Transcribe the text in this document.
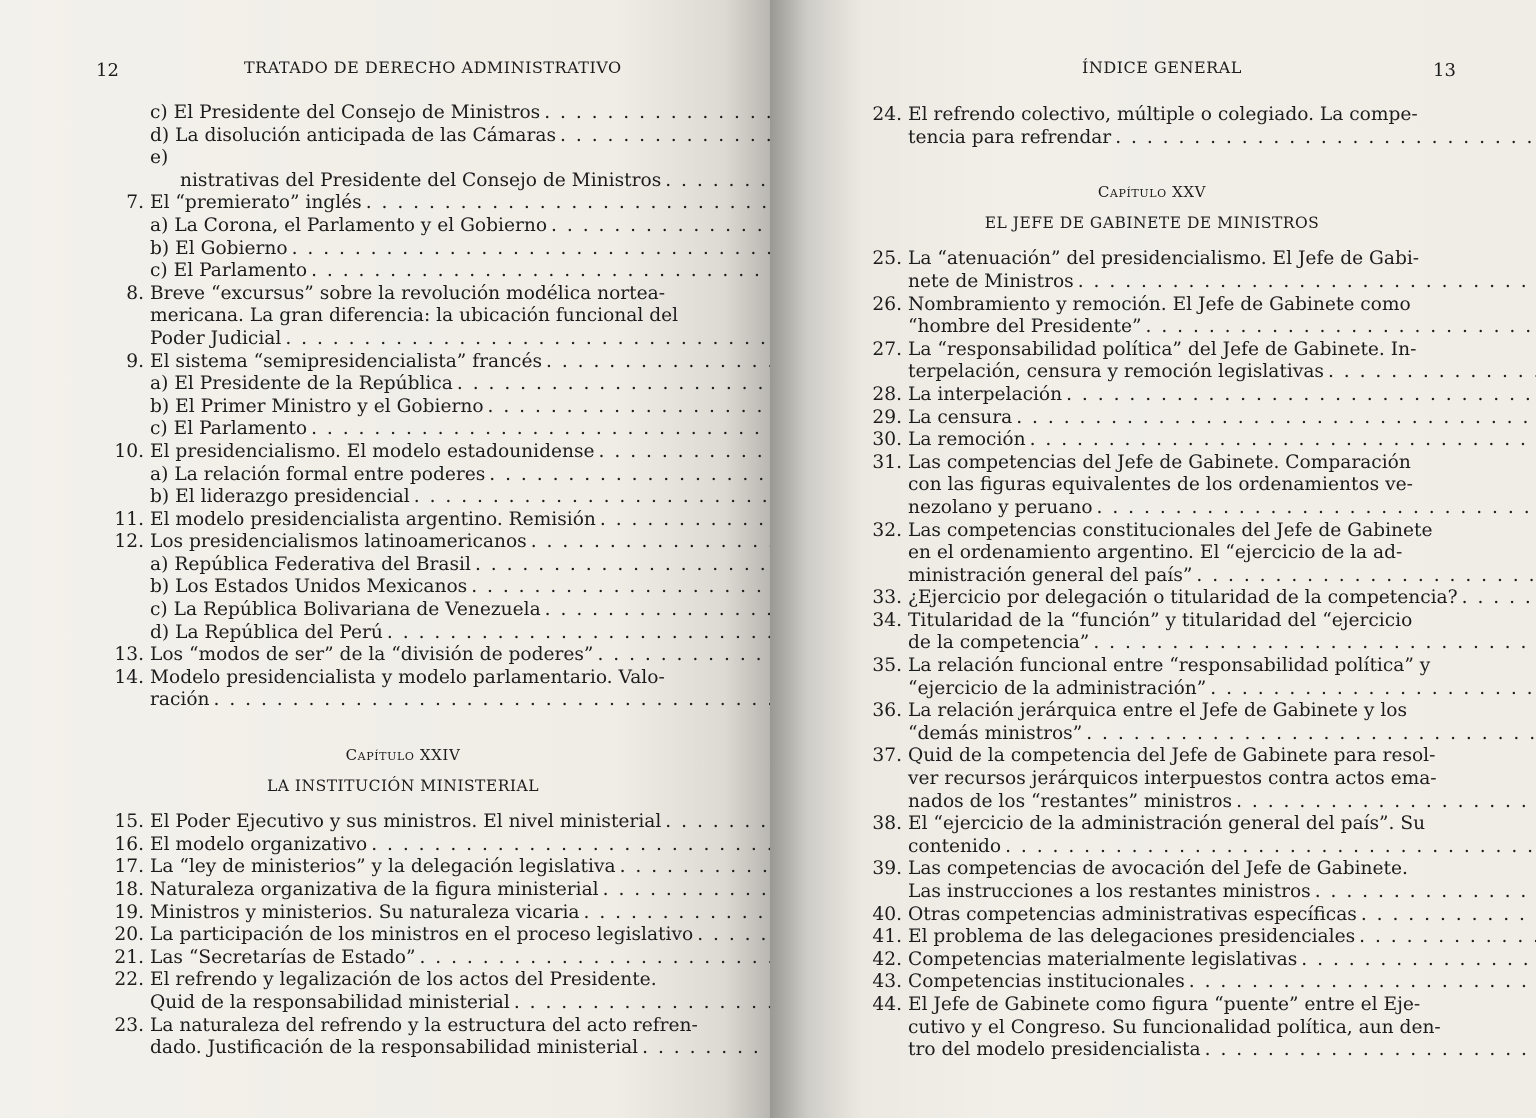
12	TRATADO DE DERECHO ADMINISTRATIVO
c) El Presidente del Consejo de Ministros
. . .
d) La disolución anticipada de las Cámaras
. . .
e)
nistrativas del Presidente del Consejo de Ministros
. . .
7. El “premierato” inglés
. . .
a) La Corona, el Parlamento y el Gobierno
. . .
b) El Gobierno
. . .
c) El Parlamento
. . .
8. Breve “excursus” sobre la revolución modélica nortea-
mericana. La gran diferencia: la ubicación funcional del
Poder Judicial
. . .
9. El sistema “semipresidencialista” francés
. . .
a) El Presidente de la República
. . .
b) El Primer Ministro y el Gobierno
. . .
c) El Parlamento
. . .
10. El presidencialismo. El modelo estadounidense
. . .
a) La relación formal entre poderes
. . .
b) El liderazgo presidencial
. . .
11. El modelo presidencialista argentino. Remisión
. . .
12. Los presidencialismos latinoamericanos
. . .
a) República Federativa del Brasil
. . .
b) Los Estados Unidos Mexicanos
. . .
c) La República Bolivariana de Venezuela
. . .
d) La República del Perú
. . .
13. Los “modos de ser” de la “división de poderes”
. . .
14. Modelo presidencialista y modelo parlamentario. Valo-
ración
. . .
Capítulo XXIV
LA INSTITUCIÓN MINISTERIAL
15. El Poder Ejecutivo y sus ministros. El nivel ministerial
. . .
16. El modelo organizativo
. . .
17. La “ley de ministerios” y la delegación legislativa
. . .
18. Naturaleza organizativa de la figura ministerial
. . .
19. Ministros y ministerios. Su naturaleza vicaria
. . .
20. La participación de los ministros en el proceso legislativo
. . .
21. Las “Secretarías de Estado”
. . .
22. El refrendo y legalización de los actos del Presidente.
Quid de la responsabilidad ministerial
. . .
23. La naturaleza del refrendo y la estructura del acto refren-
dado. Justificación de la responsabilidad ministerial
. . .
ÍNDICE GENERAL	13
24. El refrendo colectivo, múltiple o colegiado. La compe-
tencia para refrendar
. . .
Capítulo XXV
EL JEFE DE GABINETE DE MINISTROS
25. La “atenuación” del presidencialismo. El Jefe de Gabi-
nete de Ministros
. . .
26. Nombramiento y remoción. El Jefe de Gabinete como
“hombre del Presidente”
. . .
27. La “responsabilidad política” del Jefe de Gabinete. In-
terpelación, censura y remoción legislativas
. . .
28. La interpelación
. . .
29. La censura
. . .
30. La remoción
. . .
31. Las competencias del Jefe de Gabinete. Comparación
con las figuras equivalentes de los ordenamientos ve-
nezolano y peruano
. . .
32. Las competencias constitucionales del Jefe de Gabinete
en el ordenamiento argentino. El “ejercicio de la ad-
ministración general del país”
. . .
33. ¿Ejercicio por delegación o titularidad de la competencia?
. . .
34. Titularidad de la “función” y titularidad del “ejercicio
de la competencia”
. . .
35. La relación funcional entre “responsabilidad política” y
“ejercicio de la administración”
. . .
36. La relación jerárquica entre el Jefe de Gabinete y los
“demás ministros”
. . .
37. Quid de la competencia del Jefe de Gabinete para resol-
ver recursos jerárquicos interpuestos contra actos ema-
nados de los “restantes” ministros
. . .
38. El “ejercicio de la administración general del país”. Su
contenido
. . .
39. Las competencias de avocación del Jefe de Gabinete.
Las instrucciones a los restantes ministros
. . .
40. Otras competencias administrativas específicas
. . .
41. El problema de las delegaciones presidenciales
. . .
42. Competencias materialmente legislativas
. . .
43. Competencias institucionales
. . .
44. El Jefe de Gabinete como figura “puente” entre el Eje-
cutivo y el Congreso. Su funcionalidad política, aun den-
tro del modelo presidencialista
. . .
